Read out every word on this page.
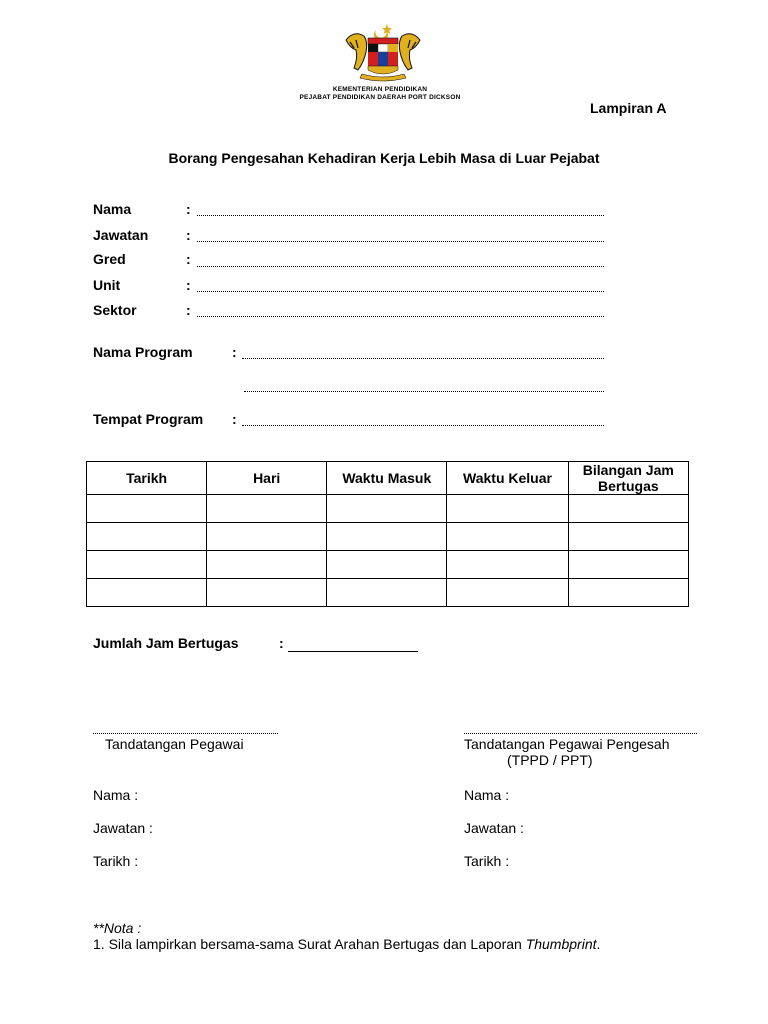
KEMENTERIAN PENDIDIKAN
PEJABAT PENDIDIKAN DAERAH PORT DICKSON
Lampiran A
Borang Pengesahan Kehadiran Kerja Lebih Masa di Luar Pejabat
Nama	:
Jawatan	:
Gred	:
Unit	:
Sektor	:
Nama Program	:
Tempat Program :
Tarikh	Hari	Waktu Masuk	Waktu Keluar	Bilangan Jam Bertugas

Jumlah Jam Bertugas	:
Tandatangan Pegawai	Tandatangan Pegawai Pengesah
(TPPD / PPT)
Nama :	Nama :
Jawatan :	Jawatan :
Tarikh :	Tarikh :
**Nota :
1. Sila lampirkan bersama-sama Surat Arahan Bertugas dan Laporan Thumbprint.
